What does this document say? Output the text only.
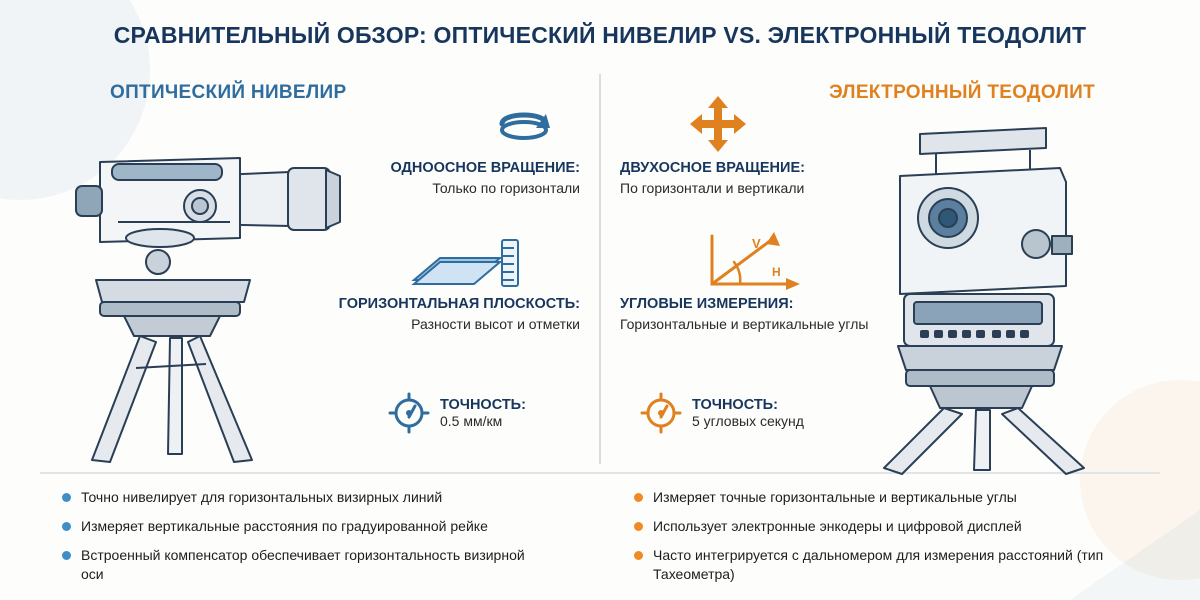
СРАВНИТЕЛЬНЫЙ ОБЗОР: ОПТИЧЕСКИЙ НИВЕЛИР VS. ЭЛЕКТРОННЫЙ ТЕОДОЛИТ
ОПТИЧЕСКИЙ НИВЕЛИР	ЭЛЕКТРОННЫЙ ТЕОДОЛИТ
ОДНООСНОЕ ВРАЩЕНИЕ:
Только по горизонтали
ГОРИЗОНТАЛЬНАЯ ПЛОСКОСТЬ:
Разности высот и отметки
ТОЧНОСТЬ:
0.5 мм/км
ДВУХОСНОЕ ВРАЩЕНИЕ:
По горизонтали и вертикали
V
H
УГЛОВЫЕ ИЗМЕРЕНИЯ:
Горизонтальные и вертикальные углы
ТОЧНОСТЬ:
5 угловых секунд
Точно нивелирует для горизонтальных визирных линий
Измеряет вертикальные расстояния по градуированной рейке
Встроенный компенсатор обеспечивает горизонтальность визирной оси
Измеряет точные горизонтальные и вертикальные углы
Использует электронные энкодеры и цифровой дисплей
Часто интегрируется с дальномером для измерения расстояний (тип Тахеометра)
